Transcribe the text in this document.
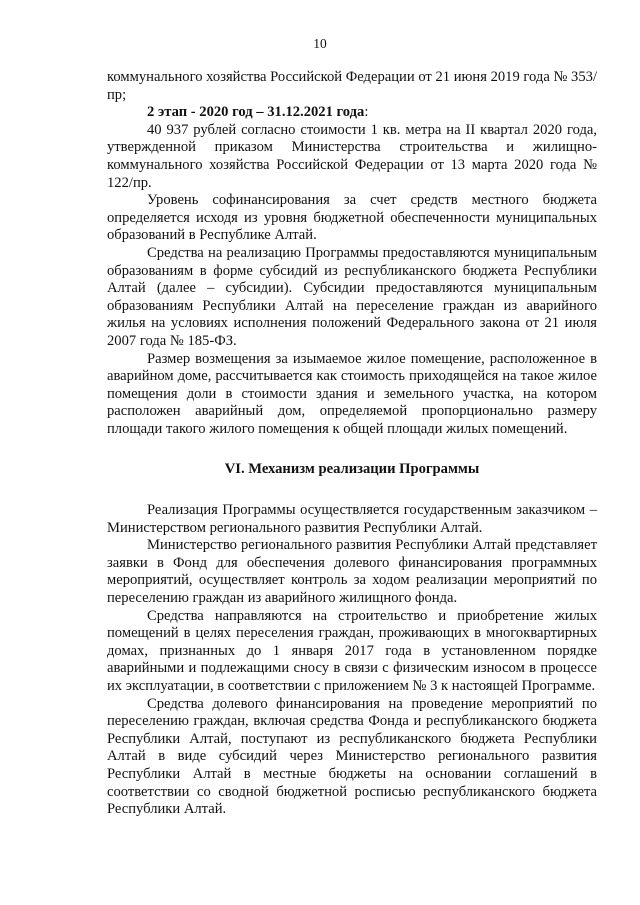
10

коммунального хозяйства Российской Федерации от 21 июня 2019 года № 353/пр;

2 этап - 2020 год – 31.12.2021 года:

40 937 рублей согласно стоимости 1 кв. метра на II квартал 2020 года, утвержденной приказом Министерства строительства и жилищно-коммунального хозяйства Российской Федерации от 13 марта 2020 года № 122/пр.

Уровень софинансирования за счет средств местного бюджета определяется исходя из уровня бюджетной обеспеченности муниципальных образований в Республике Алтай.

Средства на реализацию Программы предоставляются муниципальным образованиям в форме субсидий из республиканского бюджета Республики Алтай (далее – субсидии). Субсидии предоставляются муниципальным образованиям Республики Алтай на переселение граждан из аварийного жилья на условиях исполнения положений Федерального закона от 21 июля 2007 года № 185-ФЗ.

Размер возмещения за изымаемое жилое помещение, расположенное в аварийном доме, рассчитывается как стоимость приходящейся на такое жилое помещения доли в стоимости здания и земельного участка, на котором расположен аварийный дом, определяемой пропорционально размеру площади такого жилого помещения к общей площади жилых помещений.

VI. Механизм реализации Программы

Реализация Программы осуществляется государственным заказчиком – Министерством регионального развития Республики Алтай.

Министерство регионального развития Республики Алтай представляет заявки в Фонд для обеспечения долевого финансирования программных мероприятий, осуществляет контроль за ходом реализации мероприятий по переселению граждан из аварийного жилищного фонда.

Средства направляются на строительство и приобретение жилых помещений в целях переселения граждан, проживающих в многоквартирных домах, признанных до 1 января 2017 года в установленном порядке аварийными и подлежащими сносу в связи с физическим износом в процессе их эксплуатации, в соответствии с приложением № 3 к настоящей Программе.

Средства долевого финансирования на проведение мероприятий по переселению граждан, включая средства Фонда и республиканского бюджета Республики Алтай, поступают из республиканского бюджета Республики Алтай в виде субсидий через Министерство регионального развития Республики Алтай в местные бюджеты на основании соглашений в соответствии со сводной бюджетной росписью республиканского бюджета Республики Алтай.
